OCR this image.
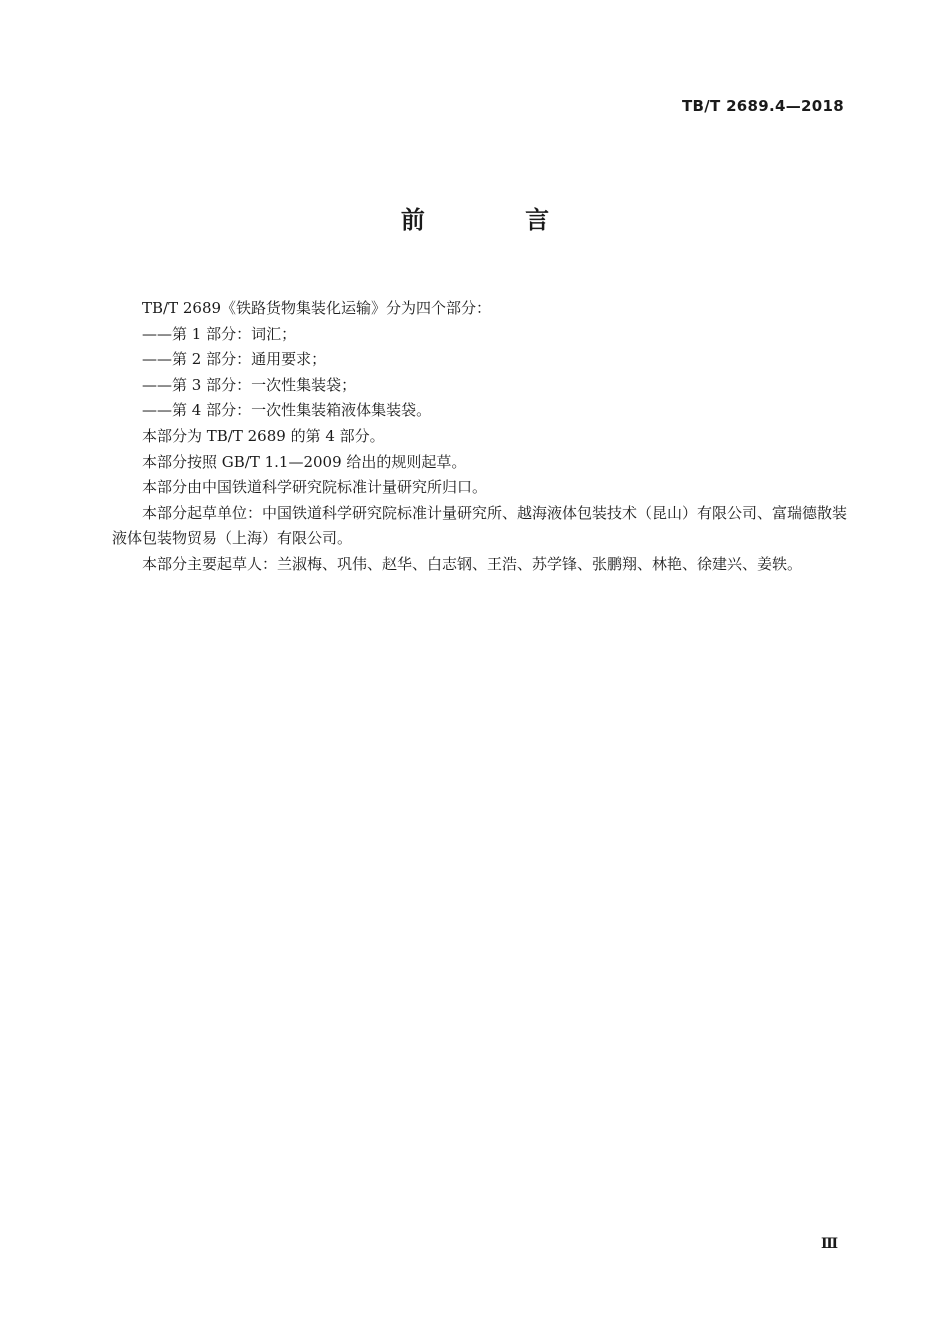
TB/T 2689.4—2018
前 言

TB/T 2689《铁路货物集装化运输》分为四个部分：

——第 1 部分：词汇；

——第 2 部分：通用要求；

——第 3 部分：一次性集装袋；

——第 4 部分：一次性集装箱液体集装袋。

本部分为 TB/T 2689 的第 4 部分。

本部分按照 GB/T 1.1—2009 给出的规则起草。

本部分由中国铁道科学研究院标准计量研究所归口。

本部分起草单位：中国铁道科学研究院标准计量研究所、越海液体包装技术（昆山）有限公司、富瑞德散装液体包装物贸易（上海）有限公司。

本部分主要起草人：兰淑梅、巩伟、赵华、白志钢、王浩、苏学锋、张鹏翔、林艳、徐建兴、姜轶。

Ⅲ
